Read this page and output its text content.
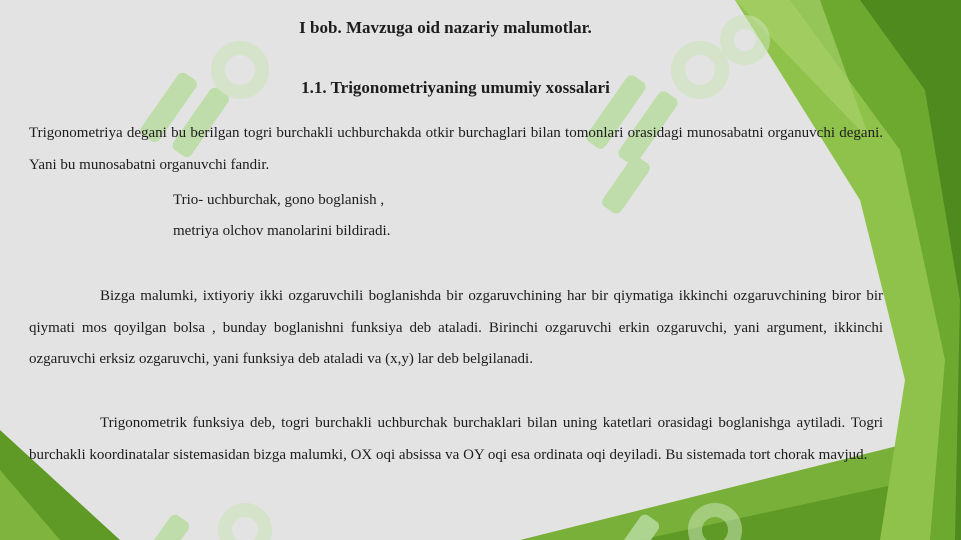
I bob. Mavzuga oid nazariy malumotlar.

1.1. Trigonometriyaning umumiy xossalari

Trigonometriya degani bu berilgan togri burchakli uchburchakda otkir burchaglari bilan tomonlari orasidagi munosabatni organuvchi degani. Yani bu munosabatni organuvchi fandir.

Trio- uchburchak, gono boglanish ,

metriya olchov manolarini bildiradi.

Bizga malumki, ixtiyoriy ikki ozgaruvchili boglanishda bir ozgaruvchining har bir qiymatiga ikkinchi ozgaruvchining biror bir qiymati mos qoyilgan bolsa , bunday boglanishni funksiya deb ataladi. Birinchi ozgaruvchi erkin ozgaruvchi, yani argument, ikkinchi ozgaruvchi erksiz ozgaruvchi, yani funksiya deb ataladi va (x,y) lar deb belgilanadi.

Trigonometrik funksiya deb, togri burchakli uchburchak burchaklari bilan uning katetlari orasidagi boglanishga aytiladi. Togri burchakli koordinatalar sistemasidan bizga malumki, OX oqi absissa va OY oqi esa ordinata oqi deyiladi. Bu sistemada tort chorak mavjud.
